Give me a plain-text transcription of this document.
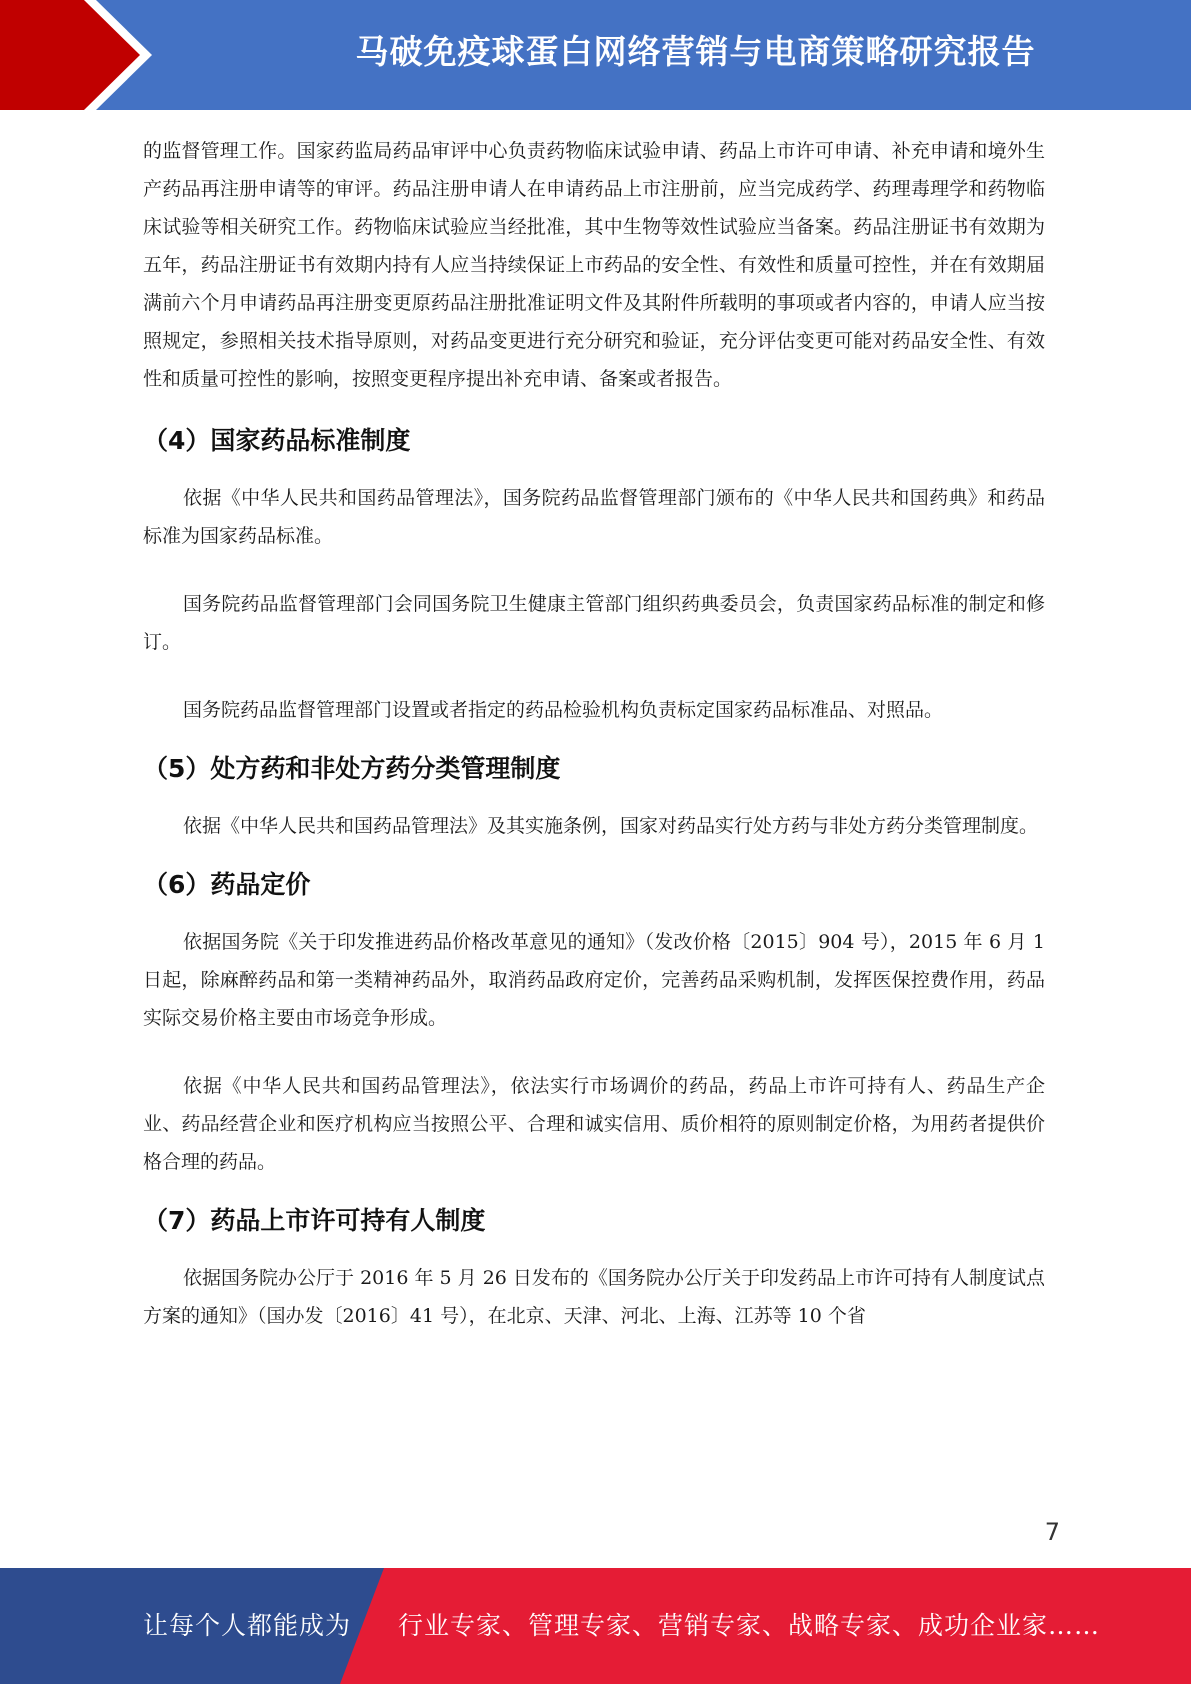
马破免疫球蛋白网络营销与电商策略研究报告

的监督管理工作。国家药监局药品审评中心负责药物临床试验申请、药品上市许可申请、补充申请和境外生产药品再注册申请等的审评。药品注册申请人在申请药品上市注册前，应当完成药学、药理毒理学和药物临床试验等相关研究工作。药物临床试验应当经批准，其中生物等效性试验应当备案。药品注册证书有效期为五年，药品注册证书有效期内持有人应当持续保证上市药品的安全性、有效性和质量可控性，并在有效期届满前六个月申请药品再注册变更原药品注册批准证明文件及其附件所载明的事项或者内容的，申请人应当按照规定，参照相关技术指导原则，对药品变更进行充分研究和验证，充分评估变更可能对药品安全性、有效性和质量可控性的影响，按照变更程序提出补充申请、备案或者报告。

（4）国家药品标准制度

依据《中华人民共和国药品管理法》，国务院药品监督管理部门颁布的《中华人民共和国药典》和药品标准为国家药品标准。

国务院药品监督管理部门会同国务院卫生健康主管部门组织药典委员会，负责国家药品标准的制定和修订。

国务院药品监督管理部门设置或者指定的药品检验机构负责标定国家药品标准品、对照品。

（5）处方药和非处方药分类管理制度

依据《中华人民共和国药品管理法》及其实施条例，国家对药品实行处方药与非处方药分类管理制度。

（6）药品定价

依据国务院《关于印发推进药品价格改革意见的通知》（发改价格〔2015〕904 号），2015 年 6 月 1 日起，除麻醉药品和第一类精神药品外，取消药品政府定价，完善药品采购机制，发挥医保控费作用，药品实际交易价格主要由市场竞争形成。

依据《中华人民共和国药品管理法》，依法实行市场调价的药品，药品上市许可持有人、药品生产企业、药品经营企业和医疗机构应当按照公平、合理和诚实信用、质价相符的原则制定价格，为用药者提供价格合理的药品。

（7）药品上市许可持有人制度

依据国务院办公厅于 2016 年 5 月 26 日发布的《国务院办公厅关于印发药品上市许可持有人制度试点方案的通知》（国办发〔2016〕41 号），在北京、天津、河北、上海、江苏等 10 个省

7
让每个人都能成为 行业专家、管理专家、营销专家、战略专家、成功企业家……
